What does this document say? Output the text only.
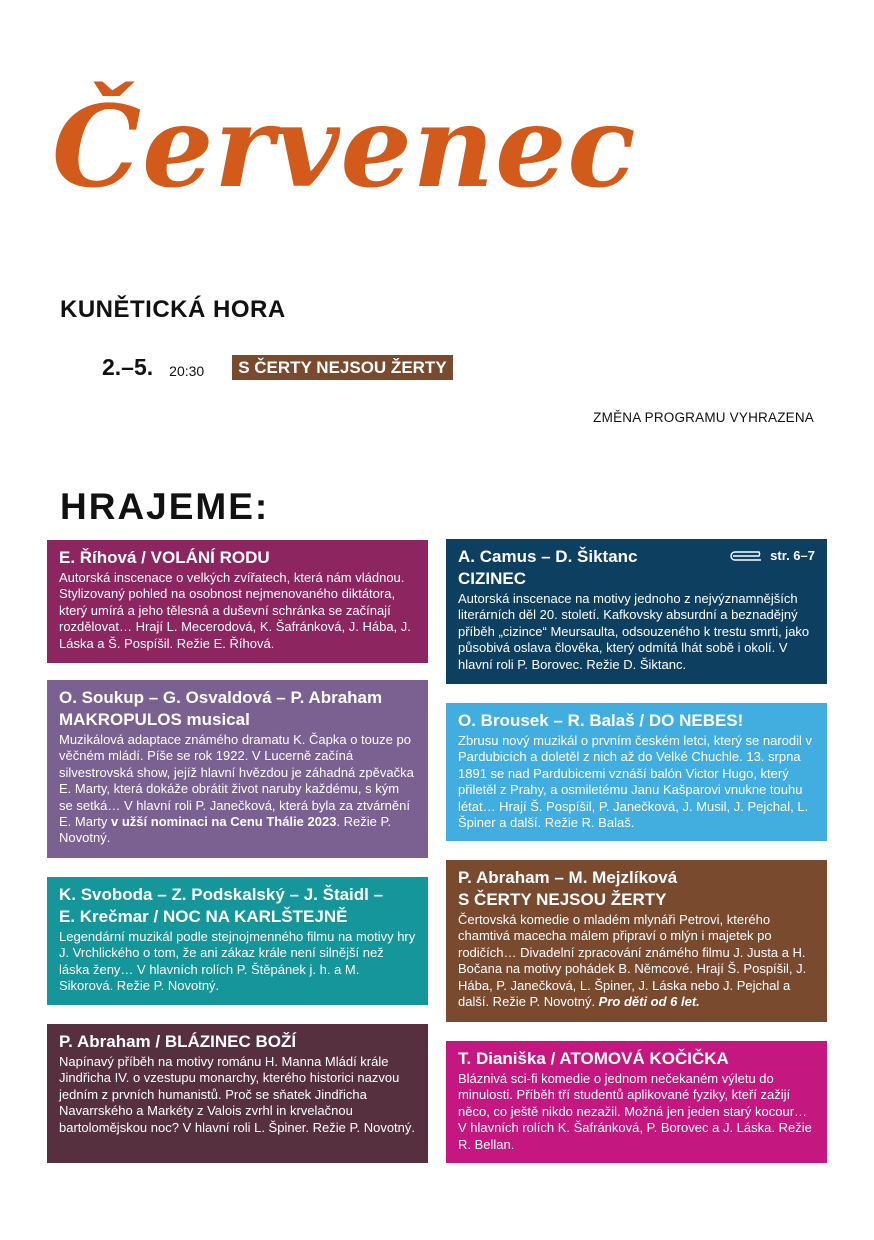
Červenec
KUNĚTICKÁ HORA
2.–5. 20:30	S ČERTY NEJSOU ŽERTY
ZMĚNA PROGRAMU VYHRAZENA
HRAJEME:
E. Říhová / VOLÁNÍ RODU
Autorská inscenace o velkých zvířatech, která nám vládnou. Stylizovaný pohled na osobnost nejmenovaného diktátora, který umírá a jeho tělesná a duševní schránka se začínají rozdělovat… Hrají L. Mecerodová, K. Šafránková, J. Hába, J. Láska a Š. Pospíšil. Režie E. Říhová.
O. Soukup – G. Osvaldová – P. Abraham
MAKROPULOS musical
Muzikálová adaptace známého dramatu K. Čapka o touze po věčném mládí. Píše se rok 1922. V Lucerně začíná silvestrovská show, jejíž hlavní hvězdou je záhadná zpěvačka E. Marty, která dokáže obrátit život naruby každému, s kým se setká… V hlavní roli P. Janečková, která byla za ztvárnění E. Marty v užší nominaci na Cenu Thálie 2023. Režie P. Novotný.
K. Svoboda – Z. Podskalský – J. Štaidl –
E. Krečmar / NOC NA KARLŠTEJNĚ
Legendární muzikál podle stejnojmenného filmu na motivy hry J. Vrchlického o tom, že ani zákaz krále není silnější než láska ženy… V hlavních rolích P. Štěpánek j. h. a M. Sikorová. Režie P. Novotný.
P. Abraham / BLÁZINEC BOŽÍ
Napínavý příběh na motivy románu H. Manna Mládí krále Jindřicha IV. o vzestupu monarchy, kterého historici nazvou jedním z prvních humanistů. Proč se sňatek Jindřicha Navarrského a Markéty z Valois zvrhl in krvelačnou bartolomějskou noc? V hlavní roli L. Špiner. Režie P. Novotný.
A. Camus – D. Šiktanc	str. 6–7
CIZINEC
Autorská inscenace na motivy jednoho z nejvýznamnějších literárních děl 20. století. Kafkovsky absurdní a beznadějný příběh „cizince“ Meursaulta, odsouzeného k trestu smrti, jako působivá oslava člověka, který odmítá lhát sobě i okolí. V hlavní roli P. Borovec. Režie D. Šiktanc.
O. Brousek – R. Balaš / DO NEBES!
Zbrusu nový muzikál o prvním českém letci, který se narodil v Pardubicích a doletěl z nich až do Velké Chuchle. 13. srpna 1891 se nad Pardubicemi vznáší balón Victor Hugo, který přiletěl z Prahy, a osmiletému Janu Kašparovi vnukne touhu létat… Hrají Š. Pospíšil, P. Janečková, J. Musil, J. Pejchal, L. Špiner a další. Režie R. Balaš.
P. Abraham – M. Mejzlíková
S ČERTY NEJSOU ŽERTY
Čertovská komedie o mladém mlynáři Petrovi, kterého chamtivá macecha málem připraví o mlýn i majetek po rodičích… Divadelní zpracování známého filmu J. Justa a H. Bočana na motivy pohádek B. Němcové. Hrají Š. Pospíšil, J. Hába, P. Janečková, L. Špiner, J. Láska nebo J. Pejchal a další. Režie P. Novotný. Pro děti od 6 let.
T. Dianiška / ATOMOVÁ KOČIČKA
Bláznivá sci-fi komedie o jednom nečekaném výletu do minulosti. Příběh tří studentů aplikované fyziky, kteří zažijí něco, co ještě nikdo nezažil. Možná jen jeden starý kocour… V hlavních rolích K. Šafránková, P. Borovec a J. Láska. Režie R. Bellan.
